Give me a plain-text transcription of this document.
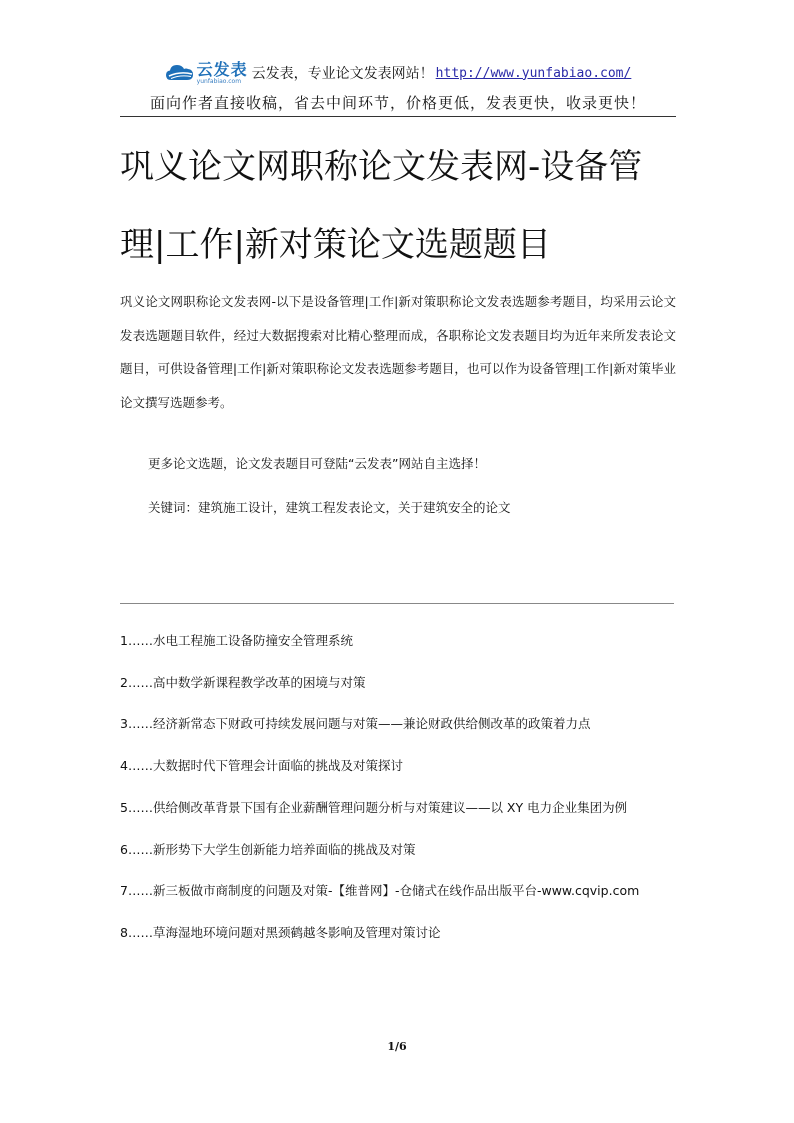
云发表
yunfabiao.com 云发表，专业论文发表网站！ http://www.yunfabiao.com/
面向作者直接收稿，省去中间环节，价格更低，发表更快，收录更快！
巩义论文网职称论文发表网-设备管理|工作|新对策论文选题题目

巩义论文网职称论文发表网-以下是设备管理|工作|新对策职称论文发表选题参考题目，均采用云论文发表选题题目软件，经过大数据搜索对比精心整理而成，各职称论文发表题目均为近年来所发表论文题目，可供设备管理|工作|新对策职称论文发表选题参考题目，也可以作为设备管理|工作|新对策毕业论文撰写选题参考。

更多论文选题，论文发表题目可登陆“云发表”网站自主选择！

关键词：建筑施工设计，建筑工程发表论文，关于建筑安全的论文

1……水电工程施工设备防撞安全管理系统
2……高中数学新课程教学改革的困境与对策
3……经济新常态下财政可持续发展问题与对策——兼论财政供给侧改革的政策着力点
4……大数据时代下管理会计面临的挑战及对策探讨
5……供给侧改革背景下国有企业薪酬管理问题分析与对策建议——以 XY 电力企业集团为例
6……新形势下大学生创新能力培养面临的挑战及对策
7……新三板做市商制度的问题及对策-【维普网】-仓储式在线作品出版平台-www.cqvip.com
8……草海湿地环境问题对黑颈鹤越冬影响及管理对策讨论
1/6
